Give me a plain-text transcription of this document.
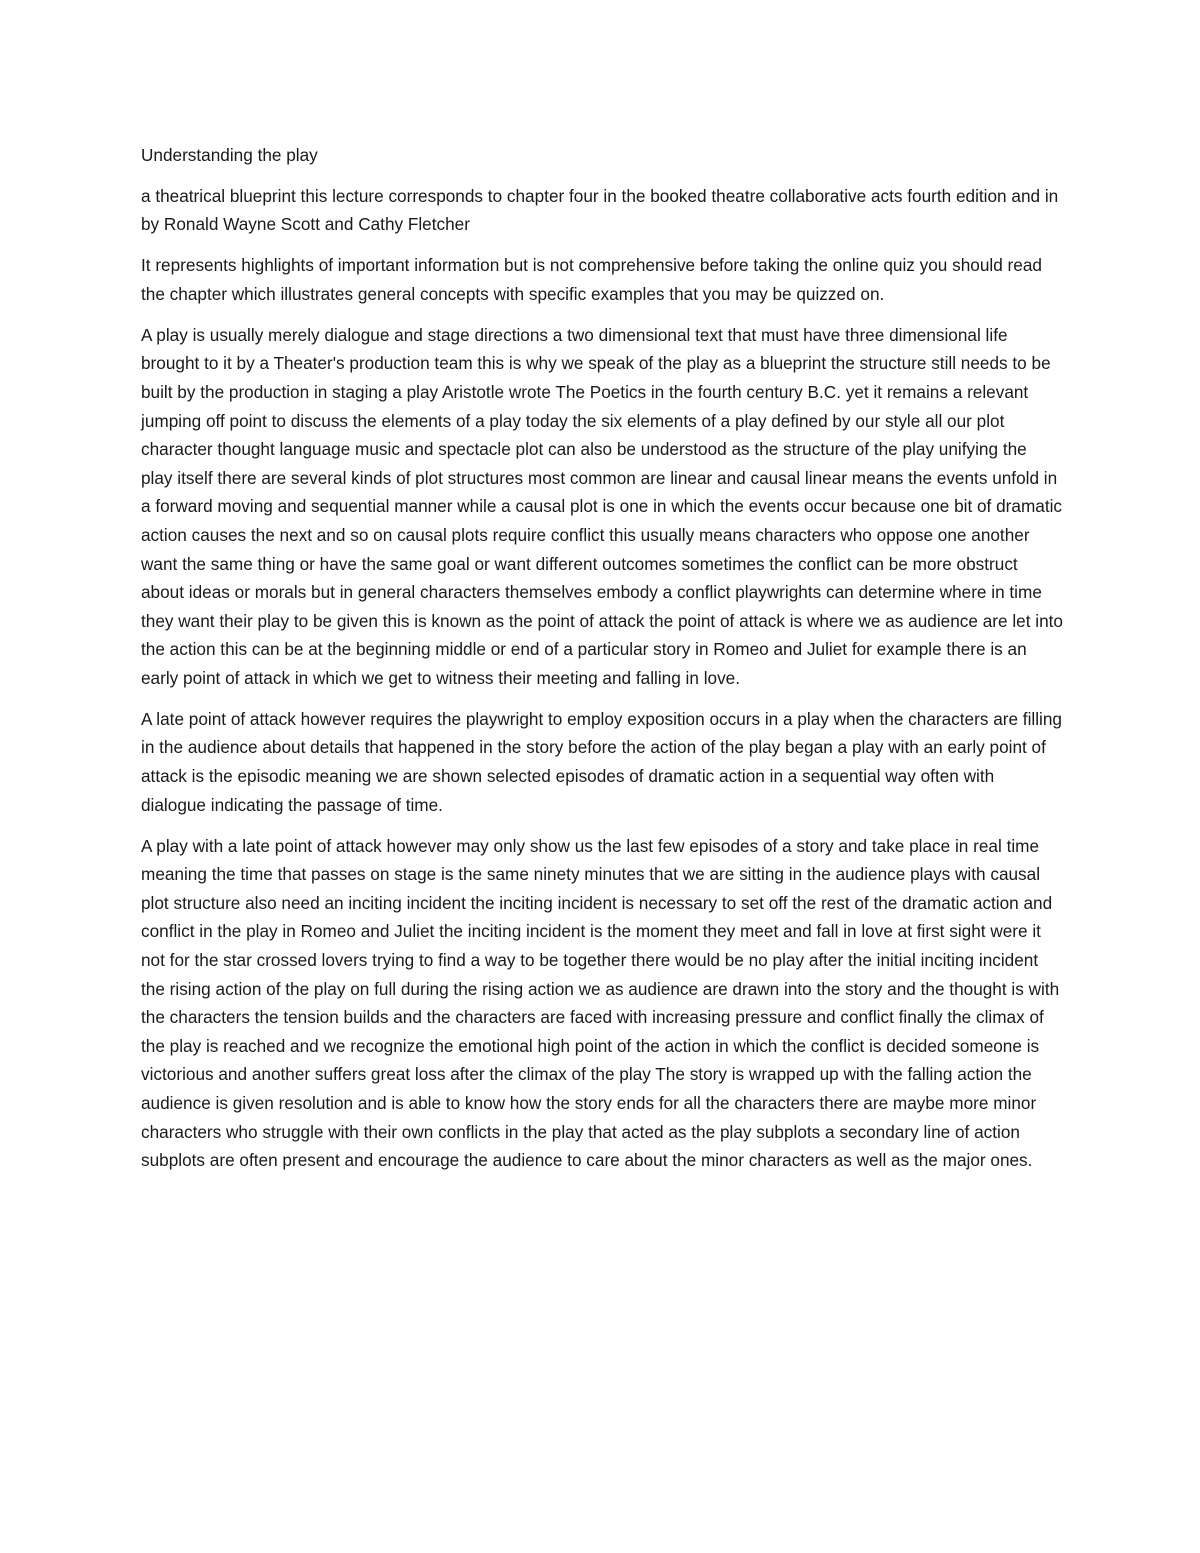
Understanding the play

a theatrical blueprint this lecture corresponds to chapter four in the booked theatre collaborative acts fourth edition and in by Ronald Wayne Scott and Cathy Fletcher

It represents highlights of important information but is not comprehensive before taking the online quiz you should read the chapter which illustrates general concepts with specific examples that you may be quizzed on.

A play is usually merely dialogue and stage directions a two dimensional text that must have three dimensional life brought to it by a Theater's production team this is why we speak of the play as a blueprint the structure still needs to be built by the production in staging a play Aristotle wrote The Poetics in the fourth century B.C. yet it remains a relevant jumping off point to discuss the elements of a play today the six elements of a play defined by our style all our plot character thought language music and spectacle plot can also be understood as the structure of the play unifying the play itself there are several kinds of plot structures most common are linear and causal linear means the events unfold in a forward moving and sequential manner while a causal plot is one in which the events occur because one bit of dramatic action causes the next and so on causal plots require conflict this usually means characters who oppose one another want the same thing or have the same goal or want different outcomes sometimes the conflict can be more obstruct about ideas or morals but in general characters themselves embody a conflict playwrights can determine where in time they want their play to be given this is known as the point of attack the point of attack is where we as audience are let into the action this can be at the beginning middle or end of a particular story in Romeo and Juliet for example there is an early point of attack in which we get to witness their meeting and falling in love.

A late point of attack however requires the playwright to employ exposition occurs in a play when the characters are filling in the audience about details that happened in the story before the action of the play began a play with an early point of attack is the episodic meaning we are shown selected episodes of dramatic action in a sequential way often with dialogue indicating the passage of time.

A play with a late point of attack however may only show us the last few episodes of a story and take place in real time meaning the time that passes on stage is the same ninety minutes that we are sitting in the audience plays with causal plot structure also need an inciting incident the inciting incident is necessary to set off the rest of the dramatic action and conflict in the play in Romeo and Juliet the inciting incident is the moment they meet and fall in love at first sight were it not for the star crossed lovers trying to find a way to be together there would be no play after the initial inciting incident the rising action of the play on full during the rising action we as audience are drawn into the story and the thought is with the characters the tension builds and the characters are faced with increasing pressure and conflict finally the climax of the play is reached and we recognize the emotional high point of the action in which the conflict is decided someone is victorious and another suffers great loss after the climax of the play The story is wrapped up with the falling action the audience is given resolution and is able to know how the story ends for all the characters there are maybe more minor characters who struggle with their own conflicts in the play that acted as the play subplots a secondary line of action subplots are often present and encourage the audience to care about the minor characters as well as the major ones.
